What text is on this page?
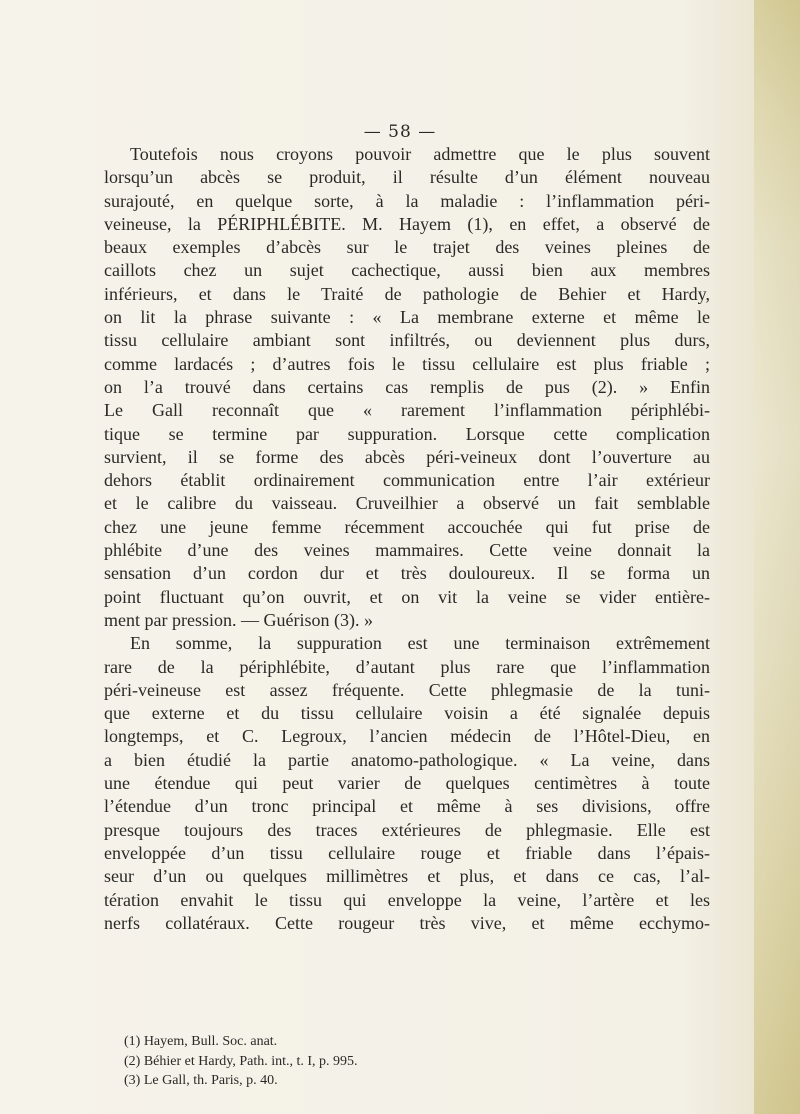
— 58 —
Toutefois nous croyons pouvoir admettre que le plus souvent
lorsqu’un abcès se produit, il résulte d’un élément nouveau
surajouté, en quelque sorte, à la maladie : l’inflammation péri-
veineuse, la PÉRIPHLÉBITE. M. Hayem (1), en effet, a observé de
beaux exemples d’abcès sur le trajet des veines pleines de
caillots chez un sujet cachectique, aussi bien aux membres
inférieurs, et dans le Traité de pathologie de Behier et Hardy,
on lit la phrase suivante : « La membrane externe et même le
tissu cellulaire ambiant sont infiltrés, ou deviennent plus durs,
comme lardacés ; d’autres fois le tissu cellulaire est plus friable ;
on l’a trouvé dans certains cas remplis de pus (2). » Enfin
Le Gall reconnaît que « rarement l’inflammation périphlébi-
tique se termine par suppuration. Lorsque cette complication
survient, il se forme des abcès péri-veineux dont l’ouverture au
dehors établit ordinairement communication entre l’air extérieur
et le calibre du vaisseau. Cruveilhier a observé un fait semblable
chez une jeune femme récemment accouchée qui fut prise de
phlébite d’une des veines mammaires. Cette veine donnait la
sensation d’un cordon dur et très douloureux. Il se forma un
point fluctuant qu’on ouvrit, et on vit la veine se vider entière-
ment par pression. — Guérison (3). »
En somme, la suppuration est une terminaison extrêmement
rare de la périphlébite, d’autant plus rare que l’inflammation
péri-veineuse est assez fréquente. Cette phlegmasie de la tuni-
que externe et du tissu cellulaire voisin a été signalée depuis
longtemps, et C. Legroux, l’ancien médecin de l’Hôtel-Dieu, en
a bien étudié la partie anatomo-pathologique. « La veine, dans
une étendue qui peut varier de quelques centimètres à toute
l’étendue d’un tronc principal et même à ses divisions, offre
presque toujours des traces extérieures de phlegmasie. Elle est
enveloppée d’un tissu cellulaire rouge et friable dans l’épais-
seur d’un ou quelques millimètres et plus, et dans ce cas, l’al-
tération envahit le tissu qui enveloppe la veine, l’artère et les
nerfs collatéraux. Cette rougeur très vive, et même ecchymo-
(1) Hayem, Bull. Soc. anat.
(2) Béhier et Hardy, Path. int., t. I, p. 995.
(3) Le Gall, th. Paris, p. 40.
